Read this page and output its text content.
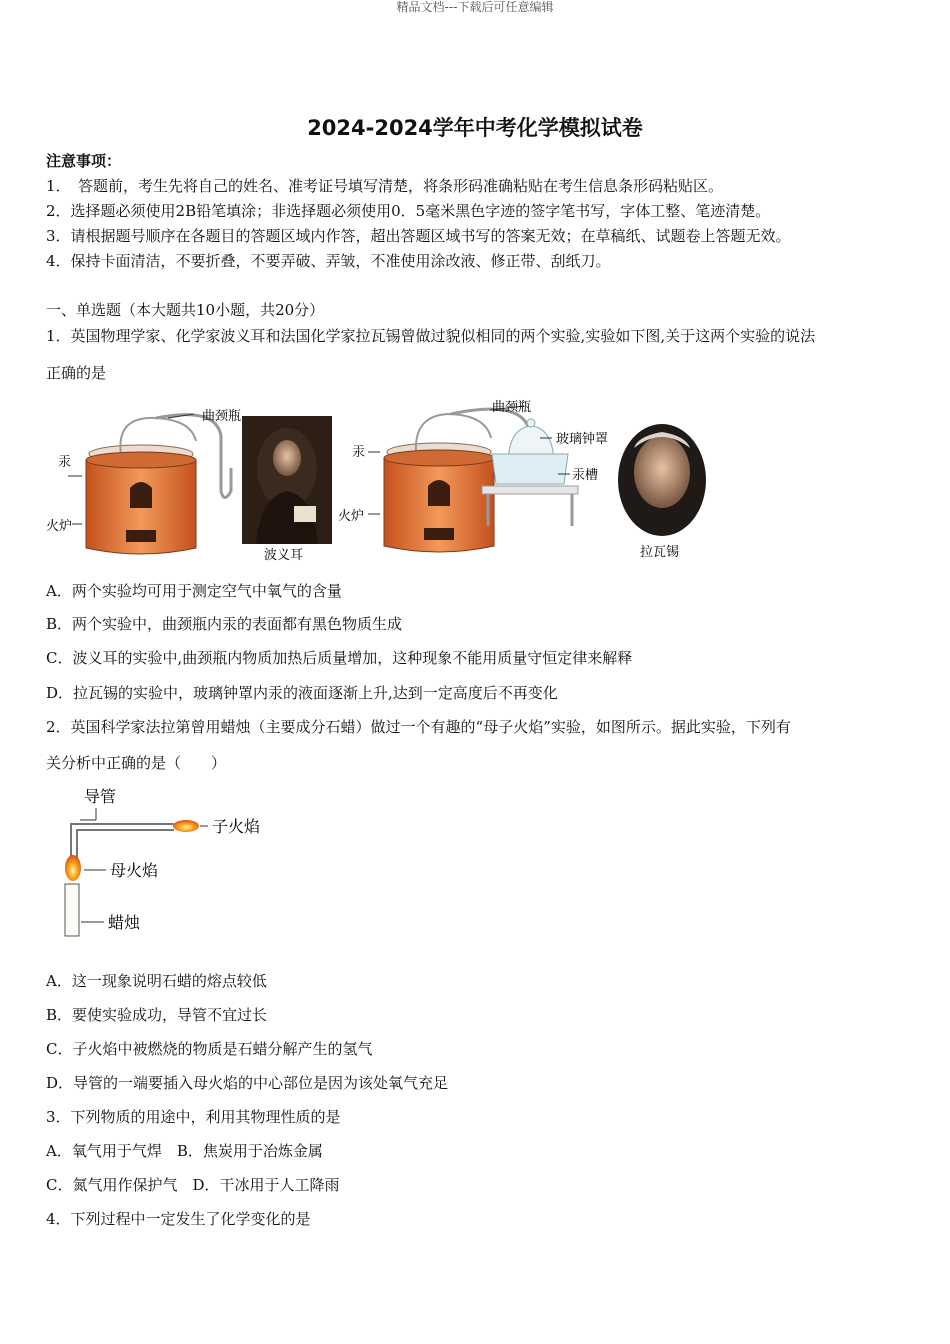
精品文档---下载后可任意编辑
2024-2024学年中考化学模拟试卷
注意事项：
1．　答题前，考生先将自己的姓名、准考证号填写清楚，将条形码准确粘贴在考生信息条形码粘贴区。
2．选择题必须使用2B铅笔填涂；非选择题必须使用0．5毫米黑色字迹的签字笔书写，字体工整、笔迹清楚。
3．请根据题号顺序在各题目的答题区域内作答，超出答题区域书写的答案无效；在草稿纸、试题卷上答题无效。
4．保持卡面清洁，不要折叠，不要弄破、弄皱，不准使用涂改液、修正带、刮纸刀。
一、单选题（本大题共10小题，共20分）
1．英国物理学家、化学家波义耳和法国化学家拉瓦锡曾做过貌似相同的两个实验,实验如下图,关于这两个实验的说法
正确的是
曲颈瓶
汞
火炉
波义耳
曲颈瓶
玻璃钟罩
汞
汞槽
火炉
拉瓦锡
A．两个实验均可用于测定空气中氧气的含量
B．两个实验中，曲颈瓶内汞的表面都有黑色物质生成
C．波义耳的实验中,曲颈瓶内物质加热后质量增加，这种现象不能用质量守恒定律来解释
D．拉瓦锡的实验中，玻璃钟罩内汞的液面逐渐上升,达到一定高度后不再变化
2．英国科学家法拉第曾用蜡烛（主要成分石蜡）做过一个有趣的“母子火焰”实验，如图所示。据此实验，下列有
关分析中正确的是（　　）
导管
子火焰
母火焰
蜡烛
A．这一现象说明石蜡的熔点较低
B．要使实验成功，导管不宜过长
C．子火焰中被燃烧的物质是石蜡分解产生的氢气
D．导管的一端要插入母火焰的中心部位是因为该处氧气充足
3．下列物质的用途中，利用其物理性质的是
A．氧气用于气焊　B．焦炭用于冶炼金属
C．氮气用作保护气　D．干冰用于人工降雨
4．下列过程中一定发生了化学变化的是
